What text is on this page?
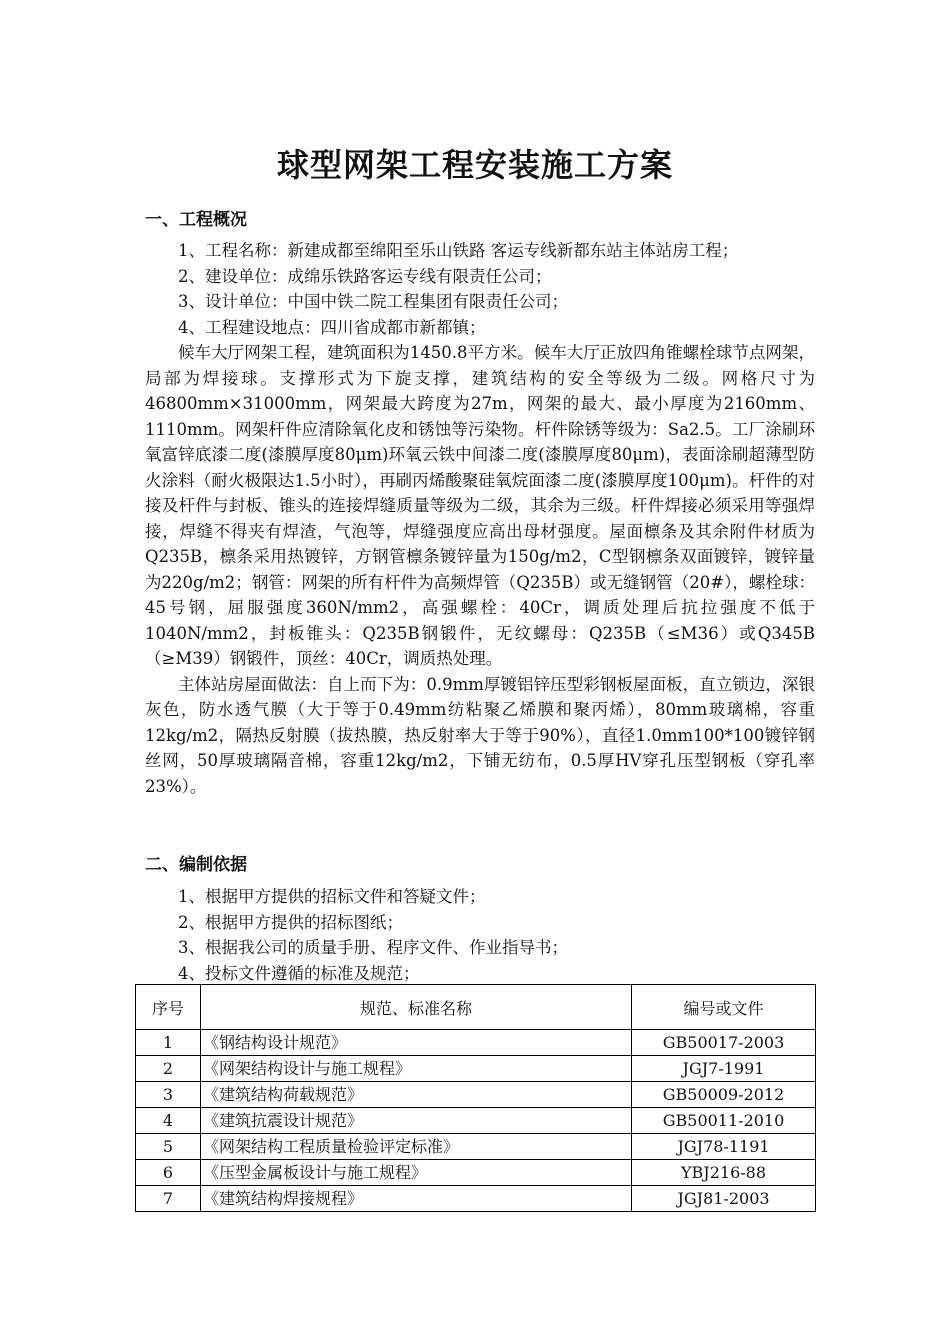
球型网架工程安装施工方案
一、工程概况

1、工程名称：新建成都至绵阳至乐山铁路 客运专线新都东站主体站房工程；

2、建设单位：成绵乐铁路客运专线有限责任公司；

3、设计单位：中国中铁二院工程集团有限责任公司；

4、工程建设地点：四川省成都市新都镇；

候车大厅网架工程，建筑面积为1450.8平方米。候车大厅正放四角锥螺栓球节点网架，局部为焊接球。支撑形式为下旋支撑，建筑结构的安全等级为二级。网格尺寸为46800mm×31000mm，网架最大跨度为27m，网架的最大、最小厚度为2160mm、1110mm。网架杆件应清除氧化皮和锈蚀等污染物。杆件除锈等级为：Sa2.5。工厂涂刷环氧富锌底漆二度(漆膜厚度80μm)环氧云铁中间漆二度(漆膜厚度80μm)，表面涂刷超薄型防火涂料（耐火极限达1.5小时），再刷丙烯酸聚硅氧烷面漆二度(漆膜厚度100μm)。杆件的对接及杆件与封板、锥头的连接焊缝质量等级为二级，其余为三级。杆件焊接必须采用等强焊接，焊缝不得夹有焊渣，气泡等，焊缝强度应高出母材强度。屋面檩条及其余附件材质为Q235B，檩条采用热镀锌，方钢管檩条镀锌量为150g/m2，C型钢檩条双面镀锌，镀锌量为220g/m2；钢管：网架的所有杆件为高频焊管（Q235B）或无缝钢管（20#），螺栓球：45号钢，屈服强度360N/mm2，高强螺栓：40Cr，调质处理后抗拉强度不低于1040N/mm2，封板锥头：Q235B钢锻件，无纹螺母：Q235B（≤M36）或Q345B（≥M39）钢锻件，顶丝：40Cr，调质热处理。

主体站房屋面做法：自上而下为：0.9mm厚镀铝锌压型彩钢板屋面板，直立锁边，深银灰色，防水透气膜（大于等于0.49mm纺粘聚乙烯膜和聚丙烯），80mm玻璃棉，容重12kg/m2，隔热反射膜（拔热膜，热反射率大于等于90%），直径1.0mm100*100镀锌钢丝网，50厚玻璃隔音棉，容重12kg/m2，下铺无纺布，0.5厚HV穿孔压型钢板（穿孔率23%）。

二、编制依据

1、根据甲方提供的招标文件和答疑文件；

2、根据甲方提供的招标图纸；

3、根据我公司的质量手册、程序文件、作业指导书；

4、投标文件遵循的标准及规范；

序号	规范、标准名称	编号或文件
1	《钢结构设计规范》	GB50017-2003
2	《网架结构设计与施工规程》	JGJ7-1991
3	《建筑结构荷载规范》	GB50009-2012
4	《建筑抗震设计规范》	GB50011-2010
5	《网架结构工程质量检验评定标准》	JGJ78-1191
6	《压型金属板设计与施工规程》	YBJ216-88
7	《建筑结构焊接规程》	JGJ81-2003
